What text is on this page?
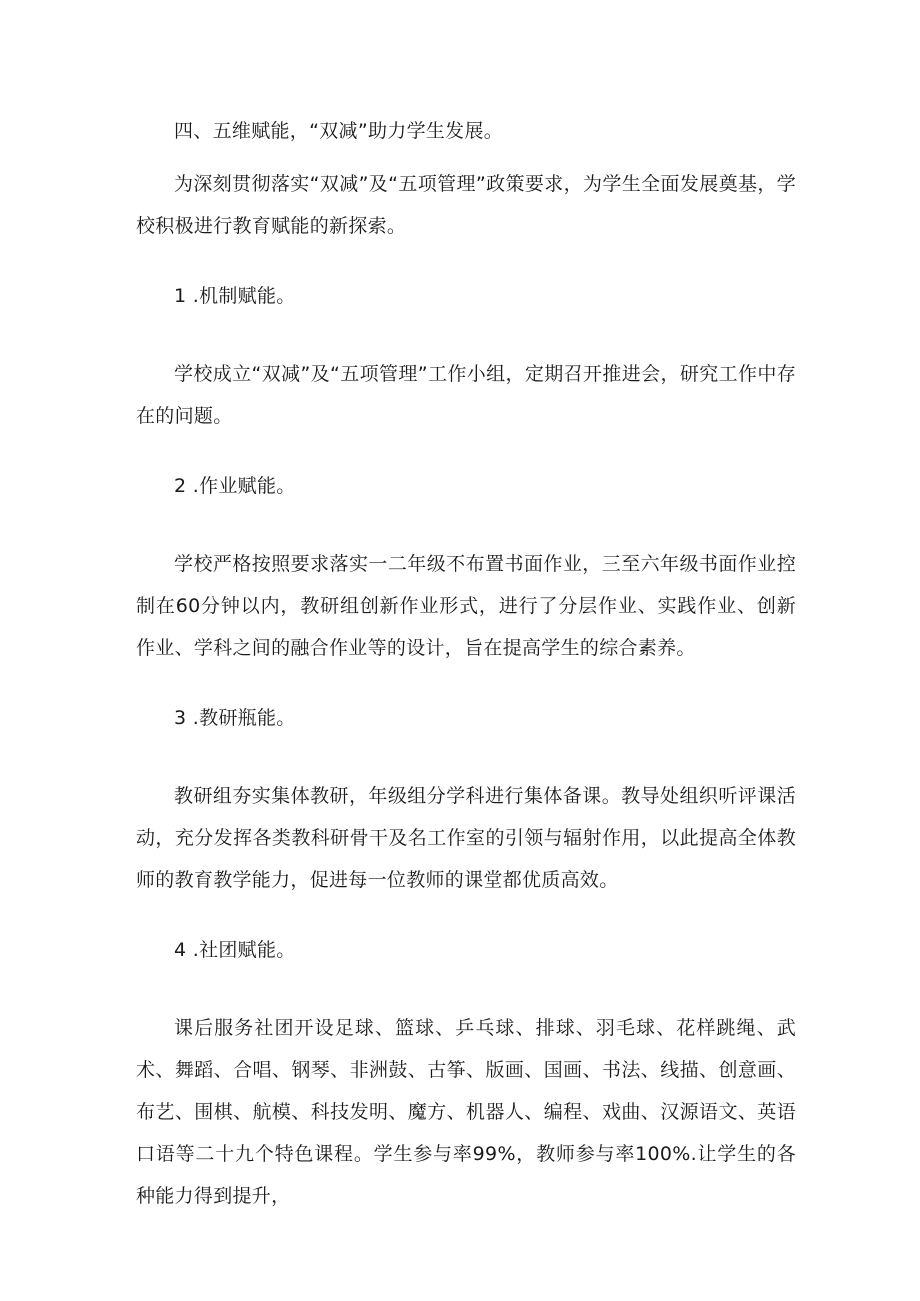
四、五维赋能，“双减”助力学生发展。

为深刻贯彻落实“双减”及“五项管理”政策要求，为学生全面发展奠基，学校积极进行教育赋能的新探索。

1 .机制赋能。

学校成立“双减”及“五项管理”工作小组，定期召开推进会，研究工作中存在的问题。

2 .作业赋能。

学校严格按照要求落实一二年级不布置书面作业，三至六年级书面作业控制在60分钟以内，教研组创新作业形式，进行了分层作业、实践作业、创新作业、学科之间的融合作业等的设计，旨在提高学生的综合素养。

3 .教研瓶能。

教研组夯实集体教研，年级组分学科进行集体备课。教导处组织听评课活动，充分发挥各类教科研骨干及名工作室的引领与辐射作用，以此提高全体教师的教育教学能力，促进每一位教师的课堂都优质高效。

4 .社团赋能。

课后服务社团开设足球、篮球、乒乓球、排球、羽毛球、花样跳绳、武术、舞蹈、合唱、钢琴、非洲鼓、古筝、版画、国画、书法、线描、创意画、布艺、围棋、航模、科技发明、魔方、机器人、编程、戏曲、汉源语文、英语口语等二十九个特色课程。学生参与率99%，教师参与率100%.让学生的各种能力得到提升，
